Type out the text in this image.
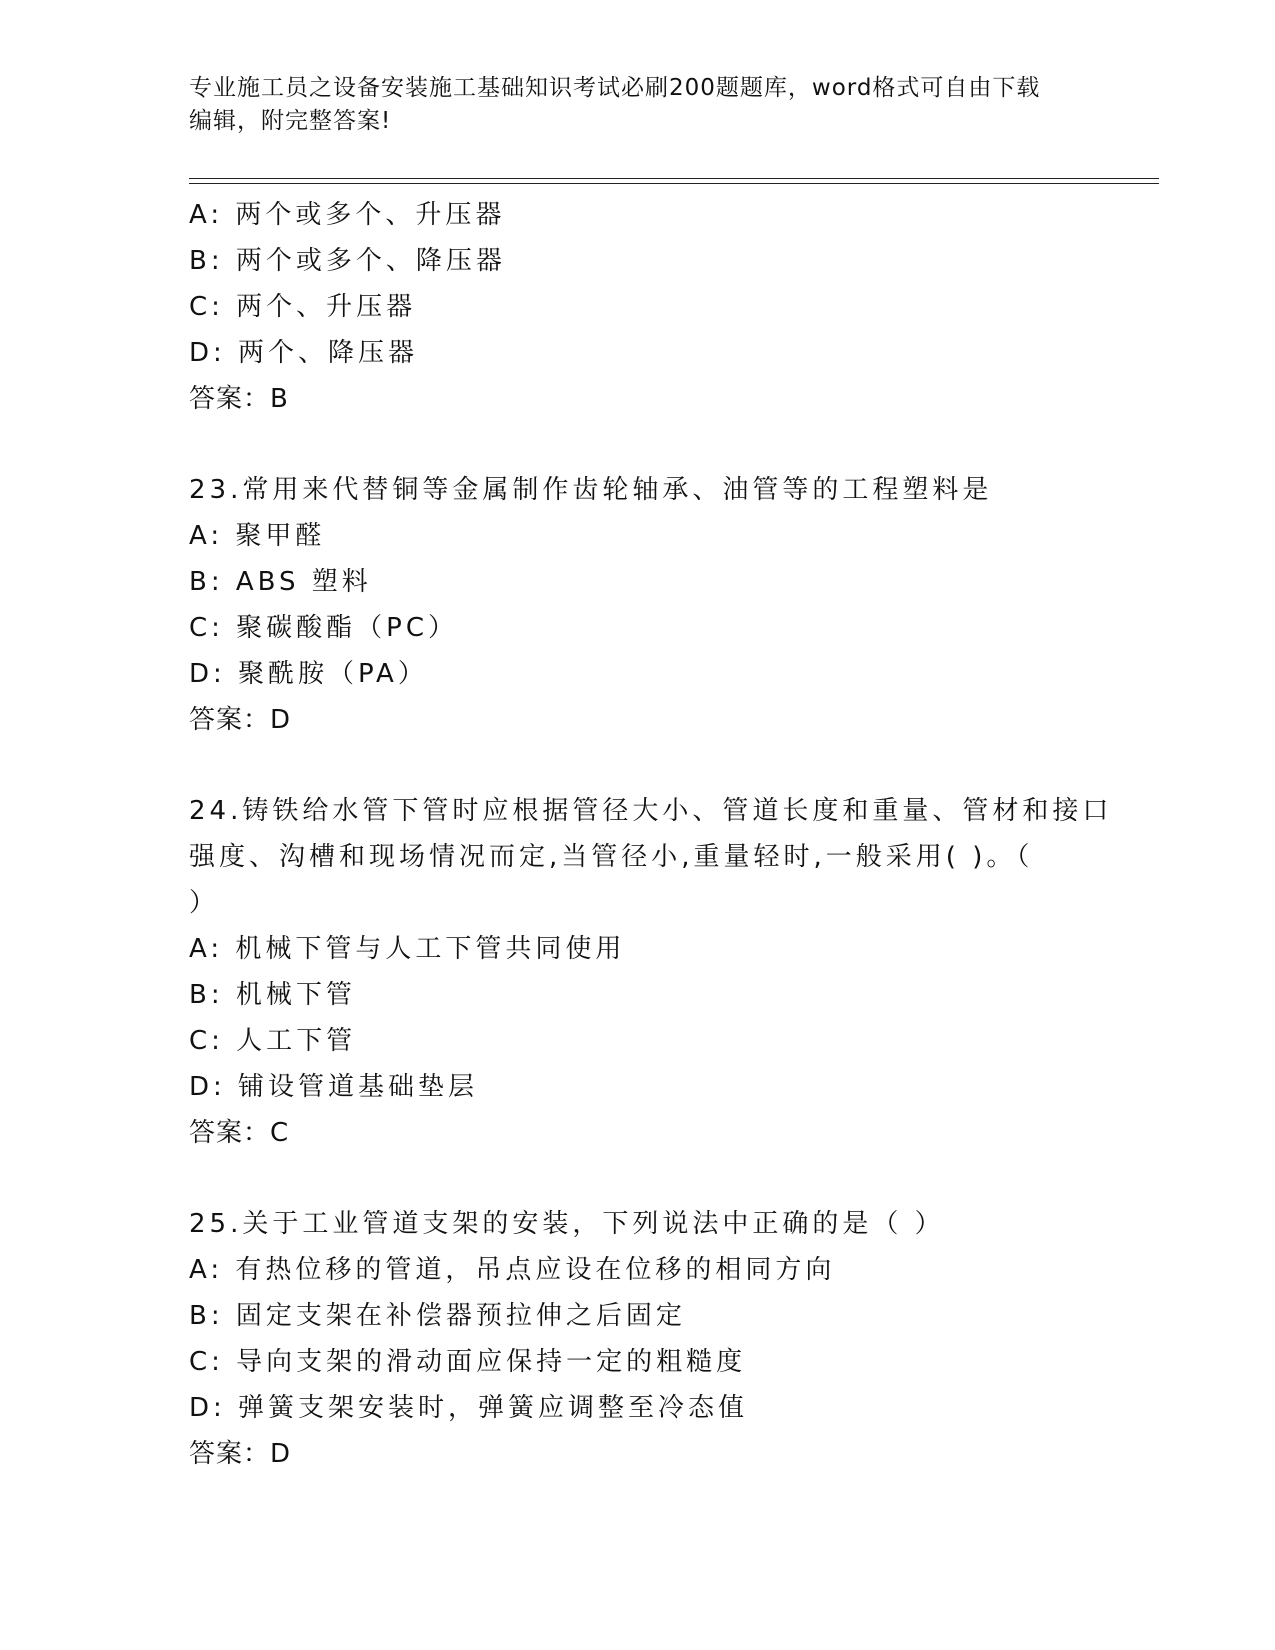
专业施工员之设备安装施工基础知识考试必刷200题题库，word格式可自由下载
编辑，附完整答案!
A: 两个或多个、升压器
B: 两个或多个、降压器
C: 两个、升压器
D: 两个、降压器
答案：B
23.常用来代替铜等金属制作齿轮轴承、油管等的工程塑料是
A: 聚甲醛
B: ABS 塑料
C: 聚碳酸酯（PC）
D: 聚酰胺（PA）
答案：D
24.铸铁给水管下管时应根据管径大小、管道长度和重量、管材和接口
强度、沟槽和现场情况而定,当管径小,重量轻时,一般采用( )。（
）
A: 机械下管与人工下管共同使用
B: 机械下管
C: 人工下管
D: 铺设管道基础垫层
答案：C
25.关于工业管道支架的安装，下列说法中正确的是（ ）
A: 有热位移的管道，吊点应设在位移的相同方向
B: 固定支架在补偿器预拉伸之后固定
C: 导向支架的滑动面应保持一定的粗糙度
D: 弹簧支架安装时，弹簧应调整至冷态值
答案：D
